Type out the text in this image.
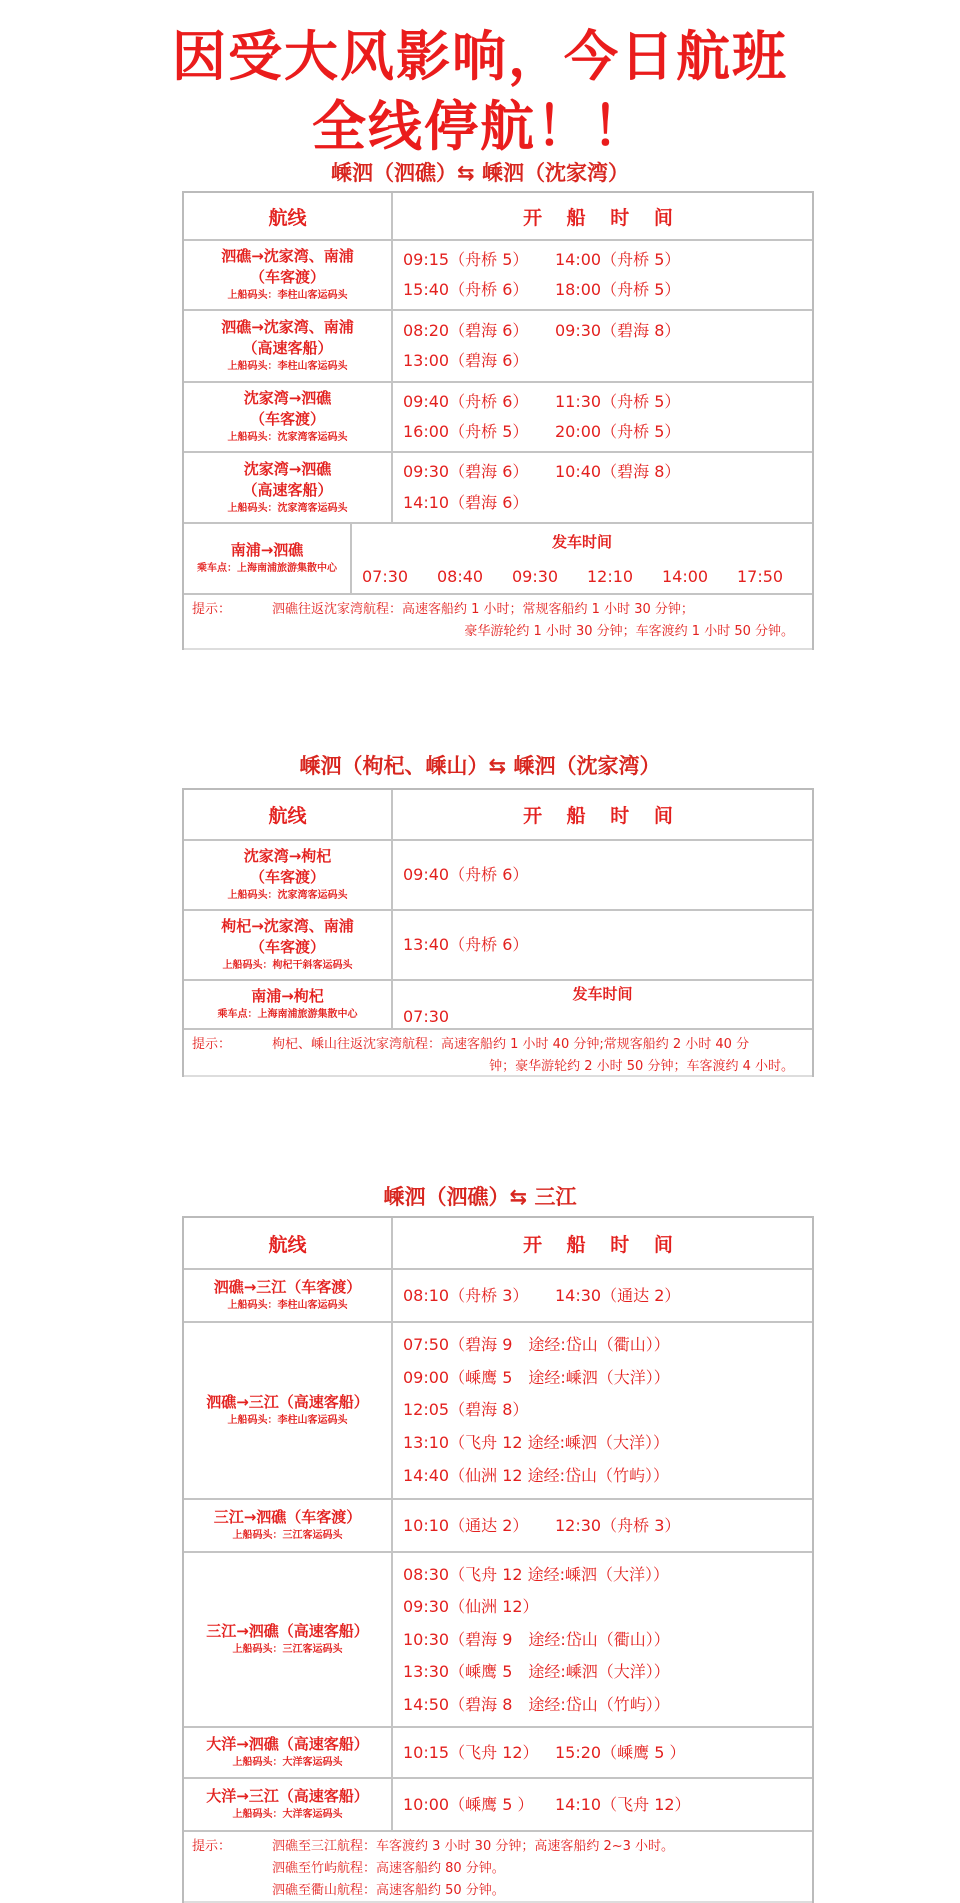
因受大风影响，今日航班
全线停航！！
嵊泗（泗礁）⇆ 嵊泗（沈家湾）
航线	开 船 时 间
泗礁→沈家湾、南浦
（车客渡）
上船码头：李柱山客运码头
09:15（舟桥 5）	14:00（舟桥 5）
15:40（舟桥 6）	18:00（舟桥 5）
泗礁→沈家湾、南浦
（高速客船）
上船码头：李柱山客运码头
08:20（碧海 6）	09:30（碧海 8）
13:00（碧海 6）
沈家湾→泗礁
（车客渡）
上船码头：沈家湾客运码头
09:40（舟桥 6）	11:30（舟桥 5）
16:00（舟桥 5）	20:00（舟桥 5）
沈家湾→泗礁
（高速客船）
上船码头：沈家湾客运码头
09:30（碧海 6）	10:40（碧海 8）
14:10（碧海 6）
南浦→泗礁
乘车点：上海南浦旅游集散中心
发车时间
07:30	08:40	09:30	12:10	14:00	17:50
提示：	泗礁往返沈家湾航程：高速客船约 1 小时；常规客船约 1 小时 30 分钟；
豪华游轮约 1 小时 30 分钟；车客渡约 1 小时 50 分钟。
嵊泗（枸杞、嵊山）⇆ 嵊泗（沈家湾）
航线	开 船 时 间
沈家湾→枸杞
（车客渡）
上船码头：沈家湾客运码头
09:40（舟桥 6）
枸杞→沈家湾、南浦
（车客渡）
上船码头：枸杞干斜客运码头
13:40（舟桥 6）
南浦→枸杞
乘车点：上海南浦旅游集散中心
发车时间
07:30
提示：	枸杞、嵊山往返沈家湾航程：高速客船约 1 小时 40 分钟;常规客船约 2 小时 40 分
钟；豪华游轮约 2 小时 50 分钟；车客渡约 4 小时。
嵊泗（泗礁）⇆ 三江
航线	开 船 时 间
泗礁→三江（车客渡）
上船码头：李柱山客运码头
08:10（舟桥 3）	14:30（通达 2）
泗礁→三江（高速客船）
上船码头：李柱山客运码头
07:50（碧海 9　途经:岱山（衢山））
09:00（嵊鹰 5　途经:嵊泗（大洋））
12:05（碧海 8）
13:10（飞舟 12 途经:嵊泗（大洋））
14:40（仙洲 12 途经:岱山（竹屿））
三江→泗礁（车客渡）
上船码头：三江客运码头
10:10（通达 2）	12:30（舟桥 3）
三江→泗礁（高速客船）
上船码头：三江客运码头
08:30（飞舟 12 途经:嵊泗（大洋））
09:30（仙洲 12）
10:30（碧海 9　途经:岱山（衢山））
13:30（嵊鹰 5　途经:嵊泗（大洋））
14:50（碧海 8　途经:岱山（竹屿））
大洋→泗礁（高速客船）
上船码头：大洋客运码头
10:15（飞舟 12）	15:20（嵊鹰 5 ）
大洋→三江（高速客船）
上船码头：大洋客运码头
10:00（嵊鹰 5 ）	14:10（飞舟 12）
提示：	泗礁至三江航程：车客渡约 3 小时 30 分钟；高速客船约 2~3 小时。
泗礁至竹屿航程：高速客船约 80 分钟。
泗礁至衢山航程：高速客船约 50 分钟。
